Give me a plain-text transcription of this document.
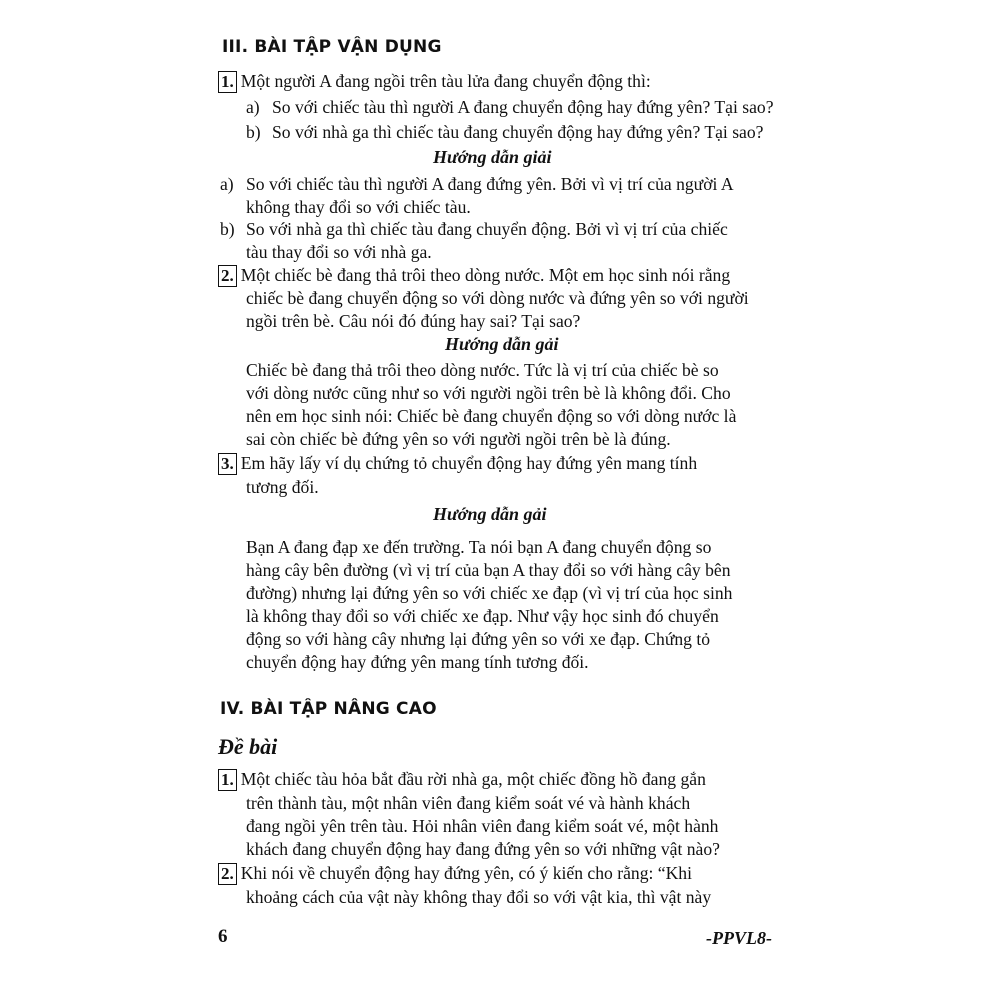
III. BÀI TẬP VẬN DỤNG
1. Một người A đang ngồi trên tàu lửa đang chuyển động thì:
a) So với chiếc tàu thì người A đang chuyển động hay đứng yên? Tại sao?
b) So với nhà ga thì chiếc tàu đang chuyển động hay đứng yên? Tại sao?
Hướng dẫn giải
a) So với chiếc tàu thì người A đang đứng yên. Bởi vì vị trí của người A
không thay đổi so với chiếc tàu.
b) So với nhà ga thì chiếc tàu đang chuyển động. Bởi vì vị trí của chiếc
tàu thay đổi so với nhà ga.
2. Một chiếc bè đang thả trôi theo dòng nước. Một em học sinh nói rằng
chiếc bè đang chuyển động so với dòng nước và đứng yên so với người
ngồi trên bè. Câu nói đó đúng hay sai? Tại sao?
Hướng dẫn gải
Chiếc bè đang thả trôi theo dòng nước. Tức là vị trí của chiếc bè so
với dòng nước cũng như so với người ngồi trên bè là không đổi. Cho
nên em học sinh nói: Chiếc bè đang chuyển động so với dòng nước là
sai còn chiếc bè đứng yên so với người ngồi trên bè là đúng.
3. Em hãy lấy ví dụ chứng tỏ chuyển động hay đứng yên mang tính
tương đối.
Hướng dẫn gải
Bạn A đang đạp xe đến trường. Ta nói bạn A đang chuyển động so
hàng cây bên đường (vì vị trí của bạn A thay đổi so với hàng cây bên
đường) nhưng lại đứng yên so với chiếc xe đạp (vì vị trí của học sinh
là không thay đổi so với chiếc xe đạp. Như vậy học sinh đó chuyển
động so với hàng cây nhưng lại đứng yên so với xe đạp. Chứng tỏ
chuyển động hay đứng yên mang tính tương đối.
IV. BÀI TẬP NÂNG CAO
Đề bài
1. Một chiếc tàu hỏa bắt đầu rời nhà ga, một chiếc đồng hồ đang gắn
trên thành tàu, một nhân viên đang kiểm soát vé và hành khách
đang ngồi yên trên tàu. Hỏi nhân viên đang kiểm soát vé, một hành
khách đang chuyển động hay đang đứng yên so với những vật nào?
2. Khi nói về chuyển động hay đứng yên, có ý kiến cho rằng: “Khi
khoảng cách của vật này không thay đổi so với vật kia, thì vật này
6	-PPVL8-
